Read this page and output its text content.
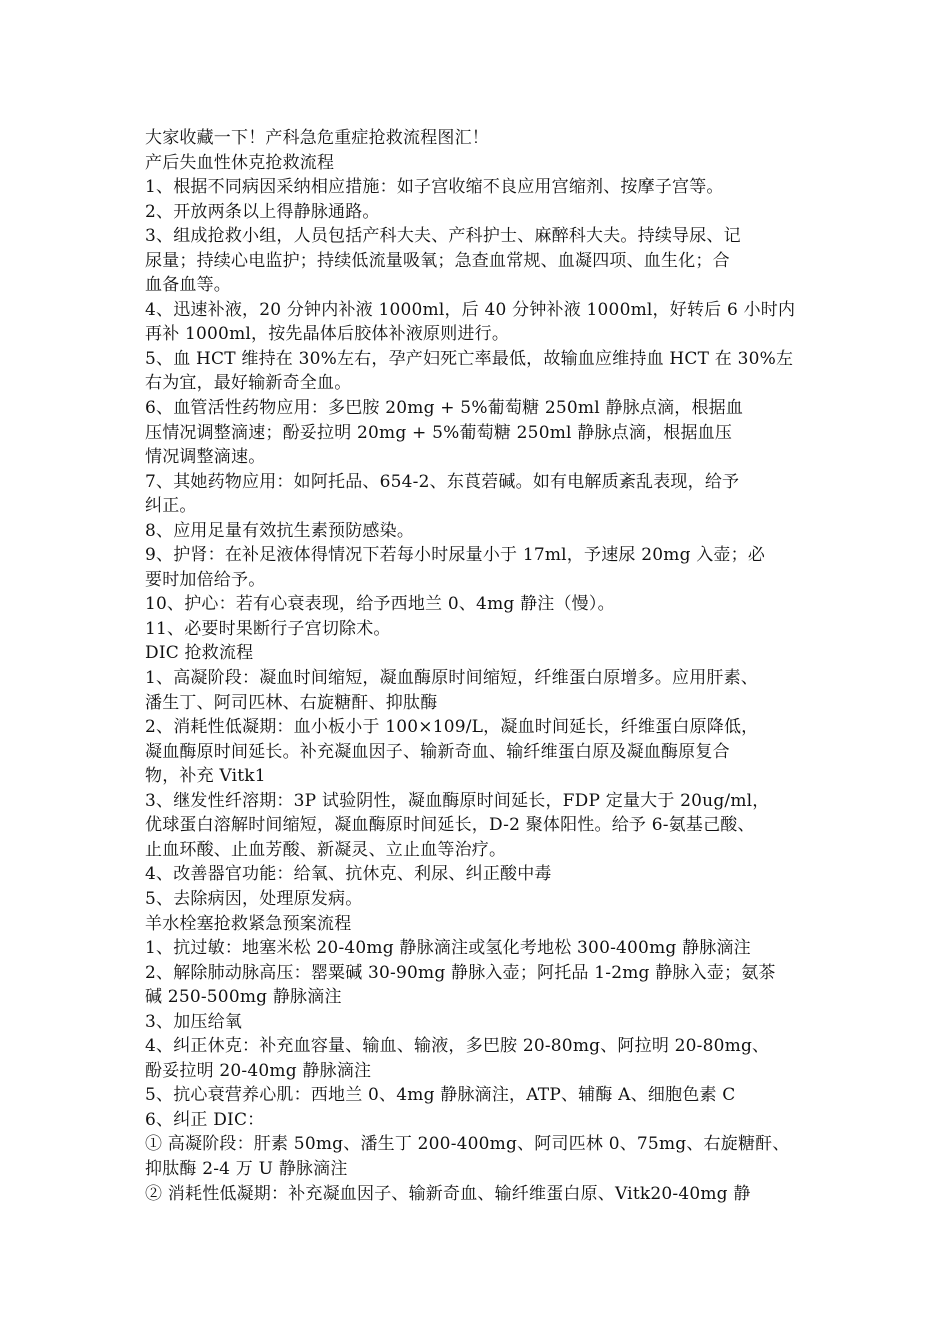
大家收藏一下！产科急危重症抢救流程图汇！
产后失血性休克抢救流程
1、根据不同病因采纳相应措施：如子宫收缩不良应用宫缩剂、按摩子宫等。
2、开放两条以上得静脉通路。
3、组成抢救小组，人员包括产科大夫、产科护士、麻醉科大夫。持续导尿、记
尿量；持续心电监护；持续低流量吸氧；急查血常规、血凝四项、血生化；合
血备血等。
4、迅速补液，20 分钟内补液 1000ml，后 40 分钟补液 1000ml，好转后 6 小时内
再补 1000ml，按先晶体后胶体补液原则进行。
5、血 HCT 维持在 30%左右，孕产妇死亡率最低，故输血应维持血 HCT 在 30%左
右为宜，最好输新奇全血。
6、血管活性药物应用：多巴胺 20mg + 5%葡萄糖 250ml 静脉点滴，根据血
压情况调整滴速；酚妥拉明 20mg + 5%葡萄糖 250ml 静脉点滴，根据血压
情况调整滴速。
7、其她药物应用：如阿托品、654-2、东莨菪碱。如有电解质紊乱表现，给予
纠正。
8、应用足量有效抗生素预防感染。
9、护肾：在补足液体得情况下若每小时尿量小于 17ml，予速尿 20mg 入壶；必
要时加倍给予。
10、护心：若有心衰表现，给予西地兰 0、4mg 静注（慢）。
11、必要时果断行子宫切除术。
DIC 抢救流程
1、高凝阶段：凝血时间缩短，凝血酶原时间缩短，纤维蛋白原增多。应用肝素、
潘生丁、阿司匹林、右旋糖酐、抑肽酶
2、消耗性低凝期：血小板小于 100×109/L，凝血时间延长，纤维蛋白原降低，
凝血酶原时间延长。补充凝血因子、输新奇血、输纤维蛋白原及凝血酶原复合
物，补充 Vitk1
3、继发性纤溶期：3P 试验阴性，凝血酶原时间延长，FDP 定量大于 20ug/ml，
优球蛋白溶解时间缩短，凝血酶原时间延长，D-2 聚体阳性。给予 6-氨基己酸、
止血环酸、止血芳酸、新凝灵、立止血等治疗。
4、改善器官功能：给氧、抗休克、利尿、纠正酸中毒
5、去除病因，处理原发病。
羊水栓塞抢救紧急预案流程
1、抗过敏：地塞米松 20-40mg 静脉滴注或氢化考地松 300-400mg 静脉滴注
2、解除肺动脉高压：罂粟碱 30-90mg 静脉入壶；阿托品 1-2mg 静脉入壶；氨茶
碱 250-500mg 静脉滴注
3、加压给氧
4、纠正休克：补充血容量、输血、输液，多巴胺 20-80mg、阿拉明 20-80mg、
酚妥拉明 20-40mg 静脉滴注
5、抗心衰营养心肌：西地兰 0、4mg 静脉滴注，ATP、辅酶 A、细胞色素 C
6、纠正 DIC：
① 高凝阶段：肝素 50mg、潘生丁 200-400mg、阿司匹林 0、75mg、右旋糖酐、
抑肽酶 2-4 万 U 静脉滴注
② 消耗性低凝期：补充凝血因子、输新奇血、输纤维蛋白原、Vitk20-40mg 静
